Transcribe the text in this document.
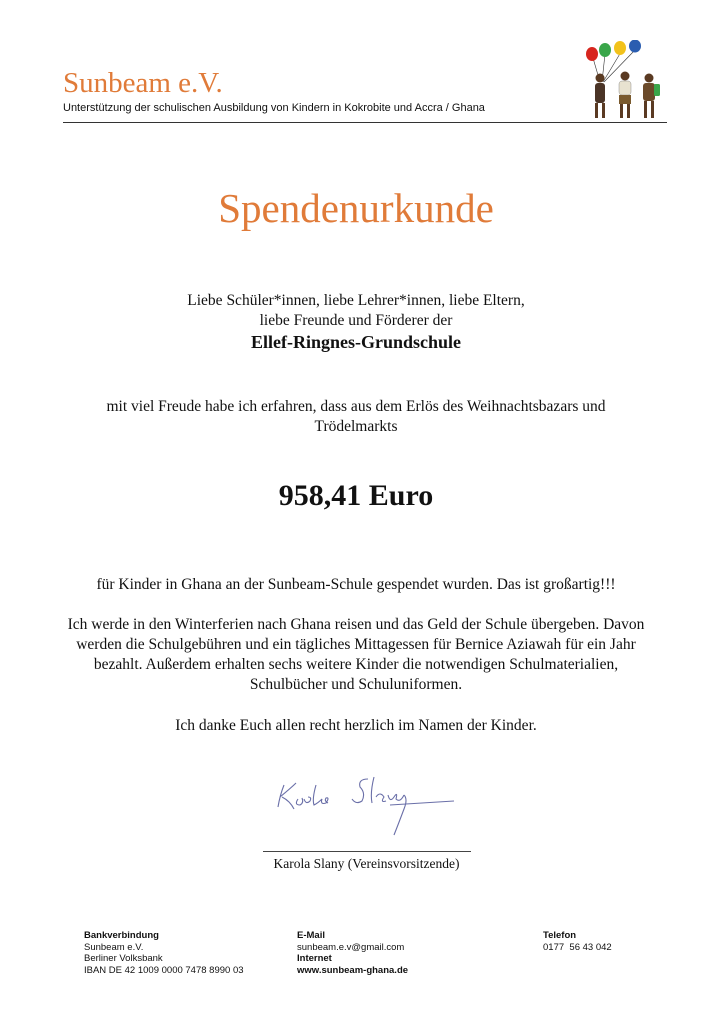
Sunbeam e.V.
Unterstützung der schulischen Ausbildung von Kindern in Kokrobite und Accra / Ghana
Spendenurkunde
Liebe Schüler*innen, liebe Lehrer*innen, liebe Eltern,
liebe Freunde und Förderer der
Ellef-Ringnes-Grundschule
mit viel Freude habe ich erfahren, dass aus dem Erlös des Weihnachtsbazars und Trödelmarkts
958,41 Euro
für Kinder in Ghana an der Sunbeam-Schule gespendet wurden. Das ist großartig!!!
Ich werde in den Winterferien nach Ghana reisen und das Geld der Schule übergeben. Davon werden die Schulgebühren und ein tägliches Mittagessen für Bernice Aziawah für ein Jahr bezahlt. Außerdem erhalten sechs weitere Kinder die notwendigen Schulmaterialien, Schulbücher und Schuluniformen.
Ich danke Euch allen recht herzlich im Namen der Kinder.
Karola Slany (Vereinsvorsitzende)
Bankverbindung
Sunbeam e.V.
Berliner Volksbank
IBAN DE 42 1009 0000 7478 8990 03
E-Mail
sunbeam.e.v@gmail.com
Internet
www.sunbeam-ghana.de
Telefon
0177  56 43 042
